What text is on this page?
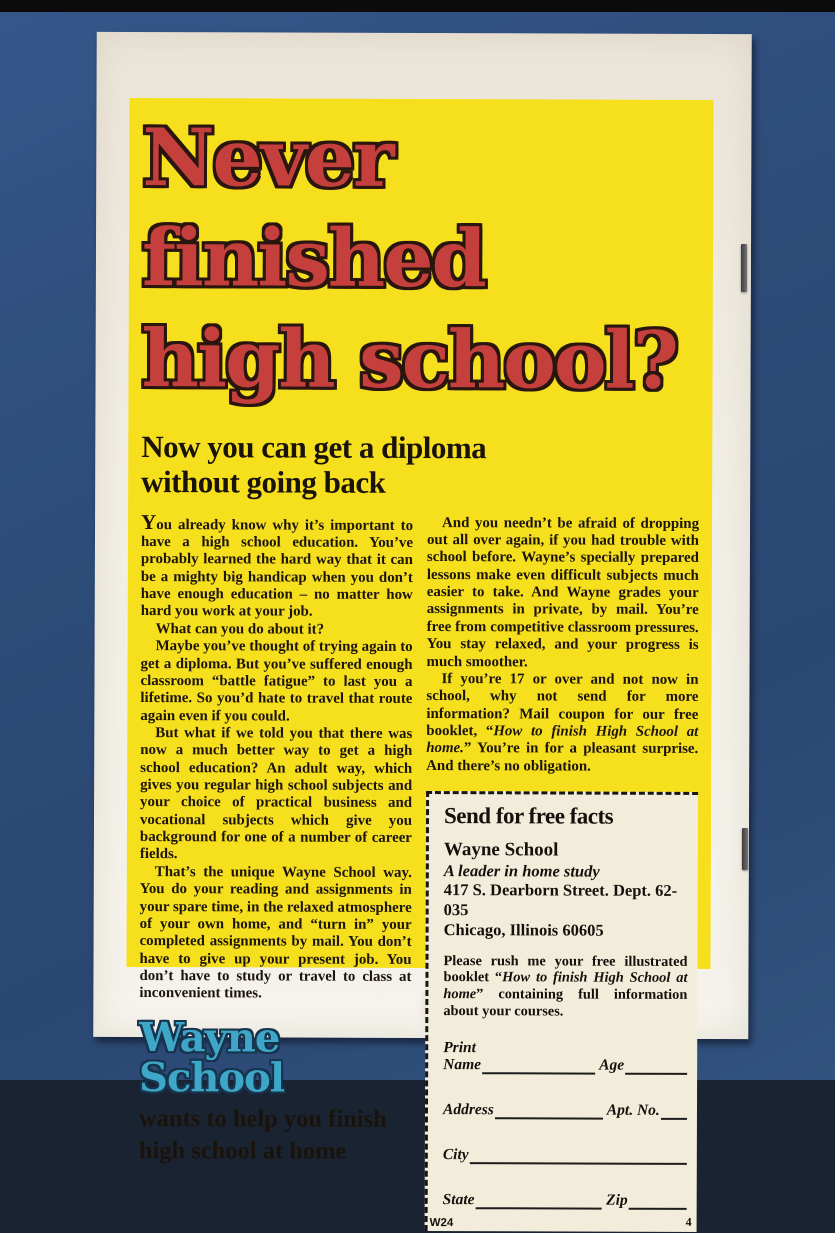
Never finished
high school?
Now you can get a diploma
without going back

You already know why it’s important to have a high school education. You’ve probably learned the hard way that it can be a mighty big handicap when you don’t have enough education – no matter how hard you work at your job.

What can you do about it?

Maybe you’ve thought of trying again to get a diploma. But you’ve suffered enough classroom “battle fatigue” to last you a lifetime. So you’d hate to travel that route again even if you could.

But what if we told you that there was now a much better way to get a high school education? An adult way, which gives you regular high school subjects and your choice of practical business and vocational subjects which give you background for one of a number of career fields.

That’s the unique Wayne School way. You do your reading and assignments in your spare time, in the relaxed atmosphere of your own home, and “turn in” your completed assignments by mail. You don’t have to give up your present job. You don’t have to study or travel to class at inconvenient times.

Wayne School
wants to help you finish
high school at home

And you needn’t be afraid of dropping out all over again, if you had trouble with school before. Wayne’s specially prepared lessons make even difficult subjects much easier to take. And Wayne grades your assignments in private, by mail. You’re free from competitive classroom pressures. You stay relaxed, and your progress is much smoother.

If you’re 17 or over and not now in school, why not send for more information? Mail coupon for our free booklet, “How to finish High School at home.” You’re in for a pleasant surprise. And there’s no obligation.

Send for free facts
Wayne School
A leader in home study
417 S. Dearborn Street. Dept. 62-035
Chicago, Illinois 60605
Please rush me your free illustrated booklet “How to finish High School at home” containing full information about your courses.
Print
Name	Age
Address	Apt. No.
City
State	Zip
W24	4
